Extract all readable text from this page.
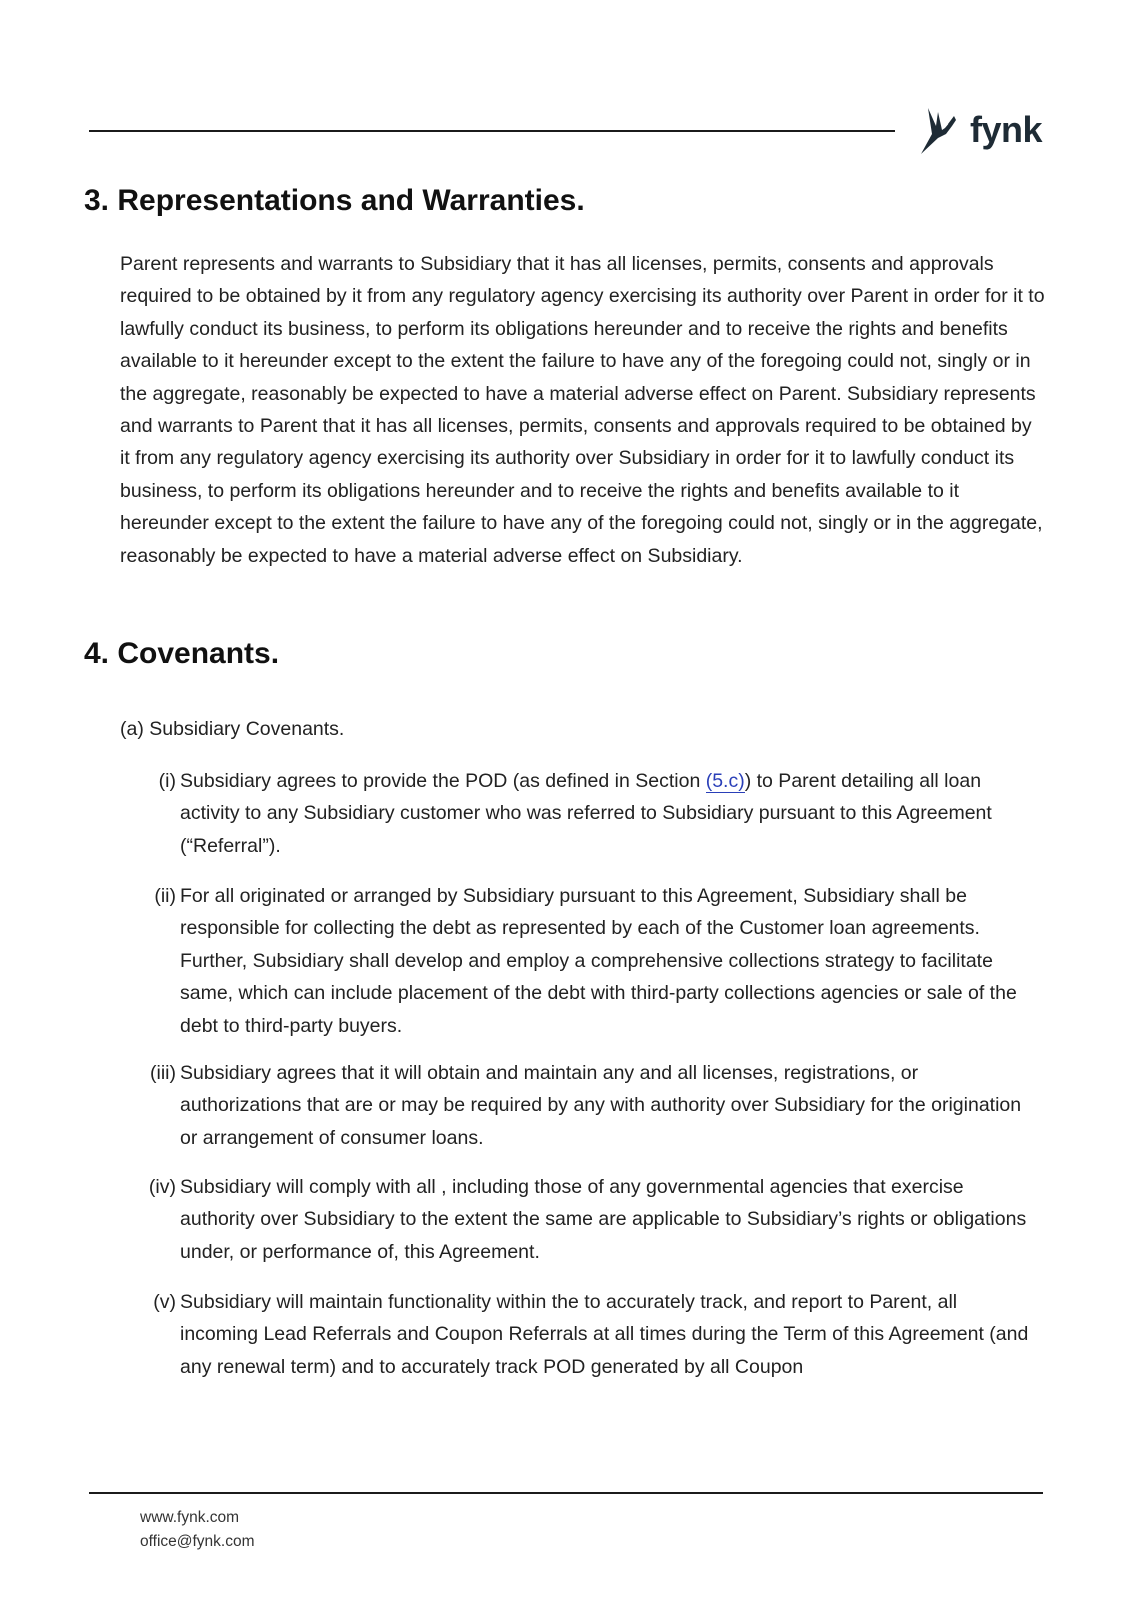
fynk
3. Representations and Warranties.

Parent represents and warrants to Subsidiary that it has all licenses, permits, consents and approvals required to be obtained by it from any regulatory agency exercising its authority over Parent in order for it to lawfully conduct its business, to perform its obligations hereunder and to receive the rights and benefits available to it hereunder except to the extent the failure to have any of the foregoing could not, singly or in the aggregate, reasonably be expected to have a material adverse effect on Parent. Subsidiary represents and warrants to Parent that it has all licenses, permits, consents and approvals required to be obtained by it from any regulatory agency exercising its authority over Subsidiary in order for it to lawfully conduct its business, to perform its obligations hereunder and to receive the rights and benefits available to it hereunder except to the extent the failure to have any of the foregoing could not, singly or in the aggregate, reasonably be expected to have a material adverse effect on Subsidiary.

4. Covenants.

(a) Subsidiary Covenants.

(i) Subsidiary agrees to provide the POD (as defined in Section (5.c)) to Parent detailing all loan activity to any Subsidiary customer who was referred to Subsidiary pursuant to this Agreement (“Referral”).
(ii) For all originated or arranged by Subsidiary pursuant to this Agreement, Subsidiary shall be responsible for collecting the debt as represented by each of the Customer loan agreements. Further, Subsidiary shall develop and employ a comprehensive collections strategy to facilitate same, which can include placement of the debt with third-party collections agencies or sale of the debt to third-party buyers.
(iii) Subsidiary agrees that it will obtain and maintain any and all licenses, registrations, or authorizations that are or may be required by any with authority over Subsidiary for the origination or arrangement of consumer loans.
(iv) Subsidiary will comply with all , including those of any governmental agencies that exercise authority over Subsidiary to the extent the same are applicable to Subsidiary’s rights or obligations under, or performance of, this Agreement.
(v) Subsidiary will maintain functionality within the to accurately track, and report to Parent, all incoming Lead Referrals and Coupon Referrals at all times during the Term of this Agreement (and any renewal term) and to accurately track POD generated by all Coupon
www.fynk.com
office@fynk.com
